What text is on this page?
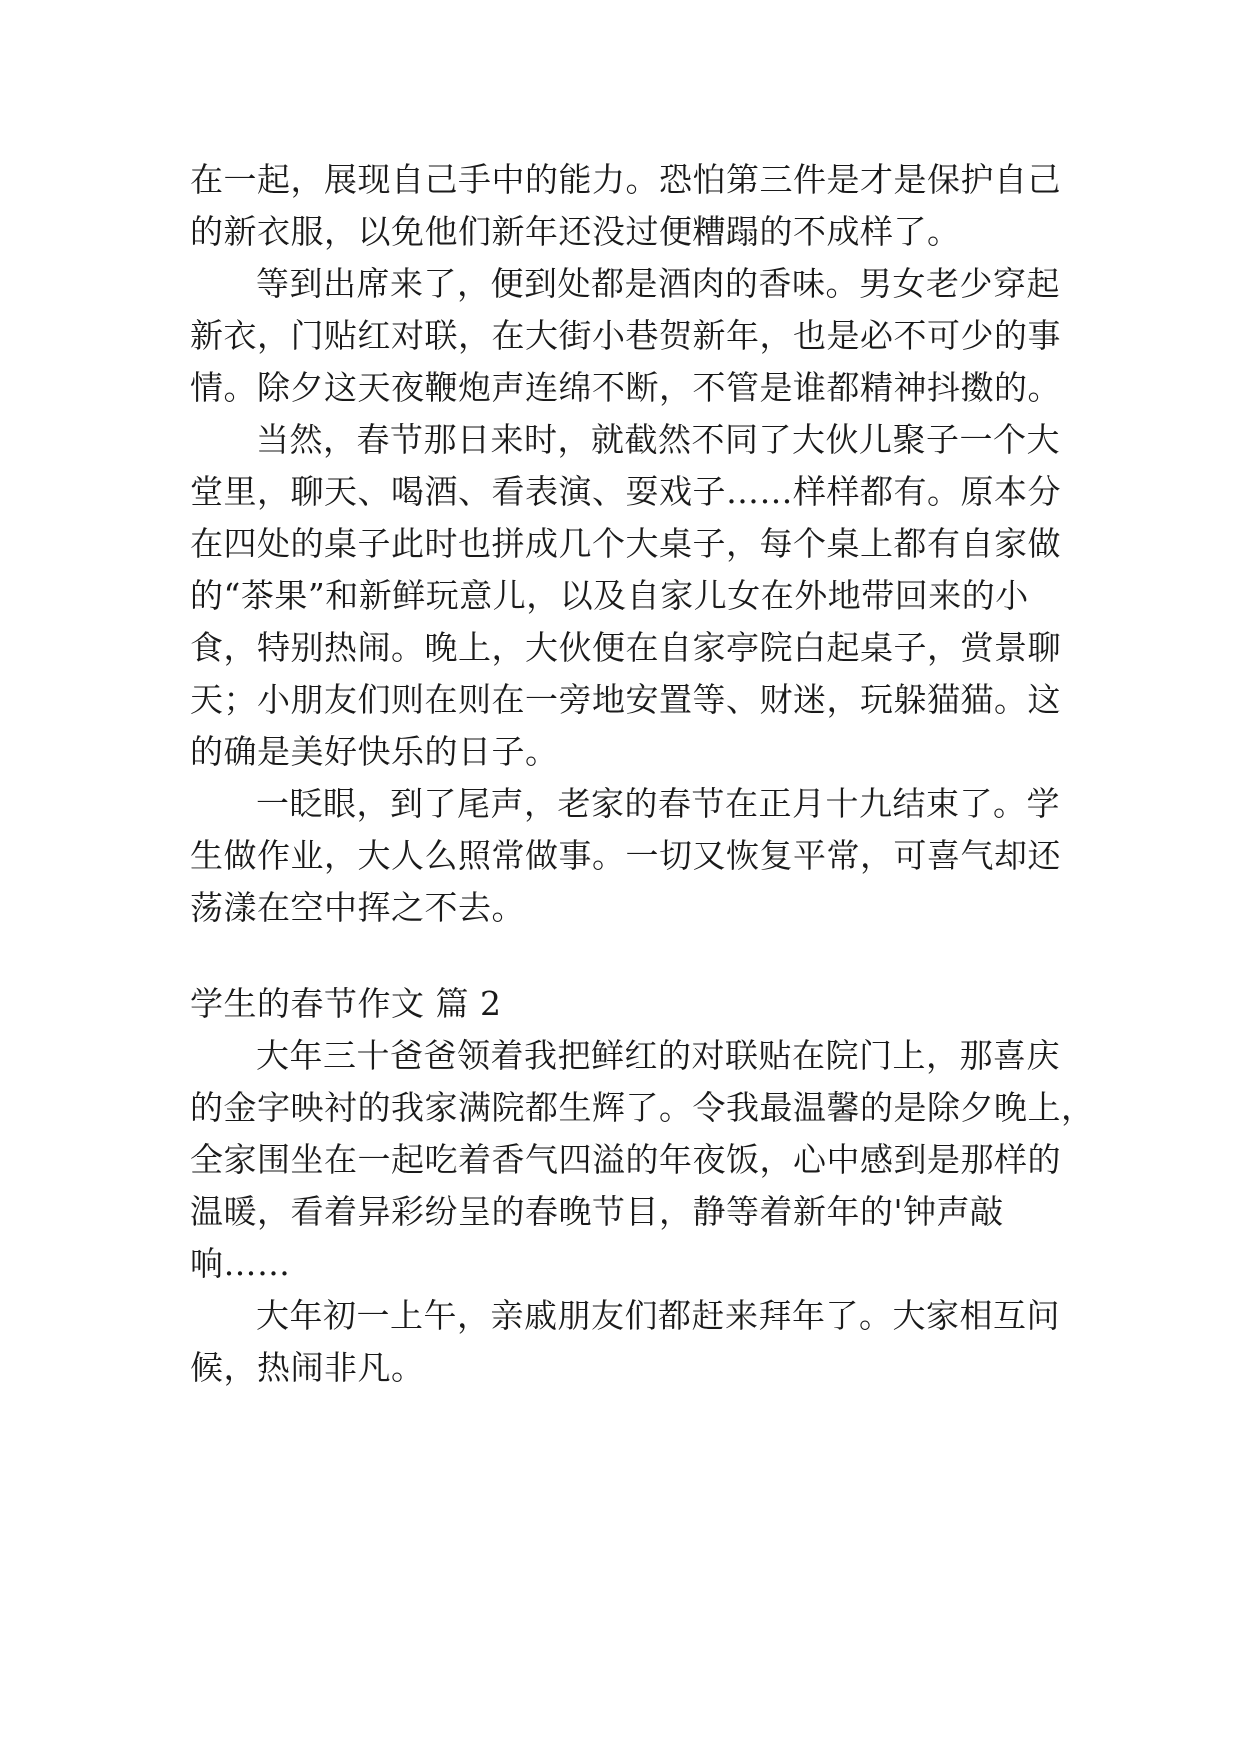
在一起，展现自己手中的能力。恐怕第三件是才是保护自己
的新衣服，以免他们新年还没过便糟蹋的不成样了。
等到出席来了，便到处都是酒肉的香味。男女老少穿起
新衣，门贴红对联，在大街小巷贺新年，也是必不可少的事
情。除夕这天夜鞭炮声连绵不断，不管是谁都精神抖擞的。
当然，春节那日来时，就截然不同了大伙儿聚子一个大
堂里，聊天、喝酒、看表演、耍戏子……样样都有。原本分
在四处的桌子此时也拼成几个大桌子，每个桌上都有自家做
的“茶果”和新鲜玩意儿，以及自家儿女在外地带回来的小
食，特别热闹。晚上，大伙便在自家亭院白起桌子，赏景聊
天；小朋友们则在则在一旁地安置等、财迷，玩躲猫猫。这
的确是美好快乐的日子。
一眨眼，到了尾声，老家的春节在正月十九结束了。学
生做作业，大人么照常做事。一切又恢复平常，可喜气却还
荡漾在空中挥之不去。
学生的春节作文 篇 2
大年三十爸爸领着我把鲜红的对联贴在院门上，那喜庆
的金字映衬的我家满院都生辉了。令我最温馨的是除夕晚上，
全家围坐在一起吃着香气四溢的年夜饭，心中感到是那样的
温暖，看着异彩纷呈的春晚节目，静等着新年的'钟声敲
响……
大年初一上午，亲戚朋友们都赶来拜年了。大家相互问
候，热闹非凡。
